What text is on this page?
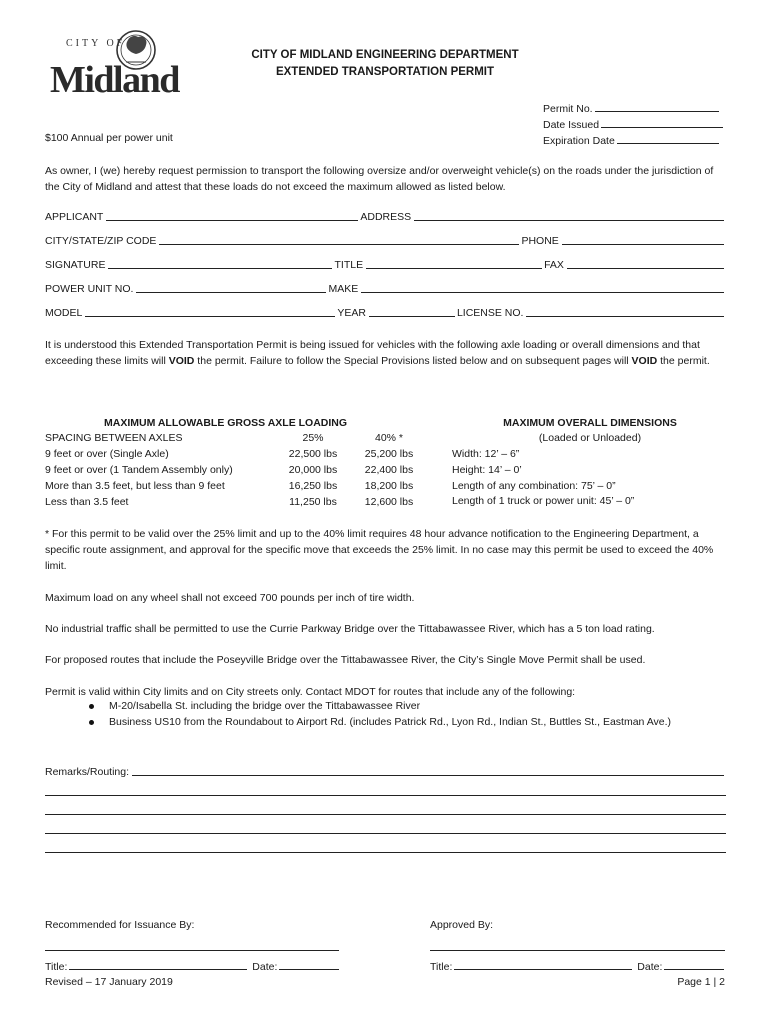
CITY OF
Midland
CITY OF MIDLAND ENGINEERING DEPARTMENT
EXTENDED TRANSPORTATION PERMIT
Permit No.
Date Issued
Expiration Date
$100 Annual per power unit
As owner, I (we) hereby request permission to transport the following oversize and/or overweight vehicle(s) on the roads under the jurisdiction of the City of Midland and attest that these loads do not exceed the maximum allowed as listed below.
APPLICANT	ADDRESS
CITY/STATE/ZIP CODE	PHONE
SIGNATURE	TITLE	FAX
POWER UNIT NO.	MAKE
MODEL	YEAR	LICENSE NO.
It is understood this Extended Transportation Permit is being issued for vehicles with the following axle loading or overall dimensions and that exceeding these limits will VOID the permit. Failure to follow the Special Provisions listed below and on subsequent pages will VOID the permit.
MAXIMUM ALLOWABLE GROSS AXLE LOADING
SPACING BETWEEN AXLES	25%	40% *
9 feet or over (Single Axle)	22,500 lbs	25,200 lbs
9 feet or over (1 Tandem Assembly only)	20,000 lbs	22,400 lbs
More than 3.5 feet, but less than 9 feet	16,250 lbs	18,200 lbs
Less than 3.5 feet	11,250 lbs	12,600 lbs
MAXIMUM OVERALL DIMENSIONS
(Loaded or Unloaded)
Width: 12’ – 6”
Height: 14’ – 0’
Length of any combination: 75’ – 0”
Length of 1 truck or power unit: 45’ – 0”
* For this permit to be valid over the 25% limit and up to the 40% limit requires 48 hour advance notification to the Engineering Department, a specific route assignment, and approval for the specific move that exceeds the 25% limit. In no case may this permit be used to exceed the 40% limit.
Maximum load on any wheel shall not exceed 700 pounds per inch of tire width.
No industrial traffic shall be permitted to use the Currie Parkway Bridge over the Tittabawassee River, which has a 5 ton load rating.
For proposed routes that include the Poseyville Bridge over the Tittabawassee River, the City’s Single Move Permit shall be used.
Permit is valid within City limits and on City streets only. Contact MDOT for routes that include any of the following:
M-20/Isabella St. including the bridge over the Tittabawassee River
Business US10 from the Roundabout to Airport Rd. (includes Patrick Rd., Lyon Rd., Indian St., Buttles St., Eastman Ave.)
Remarks/Routing:
Recommended for Issuance By:	Approved By:
Title:	Date:	Title:	Date:
Revised – 17 January 2019	Page 1 | 2
